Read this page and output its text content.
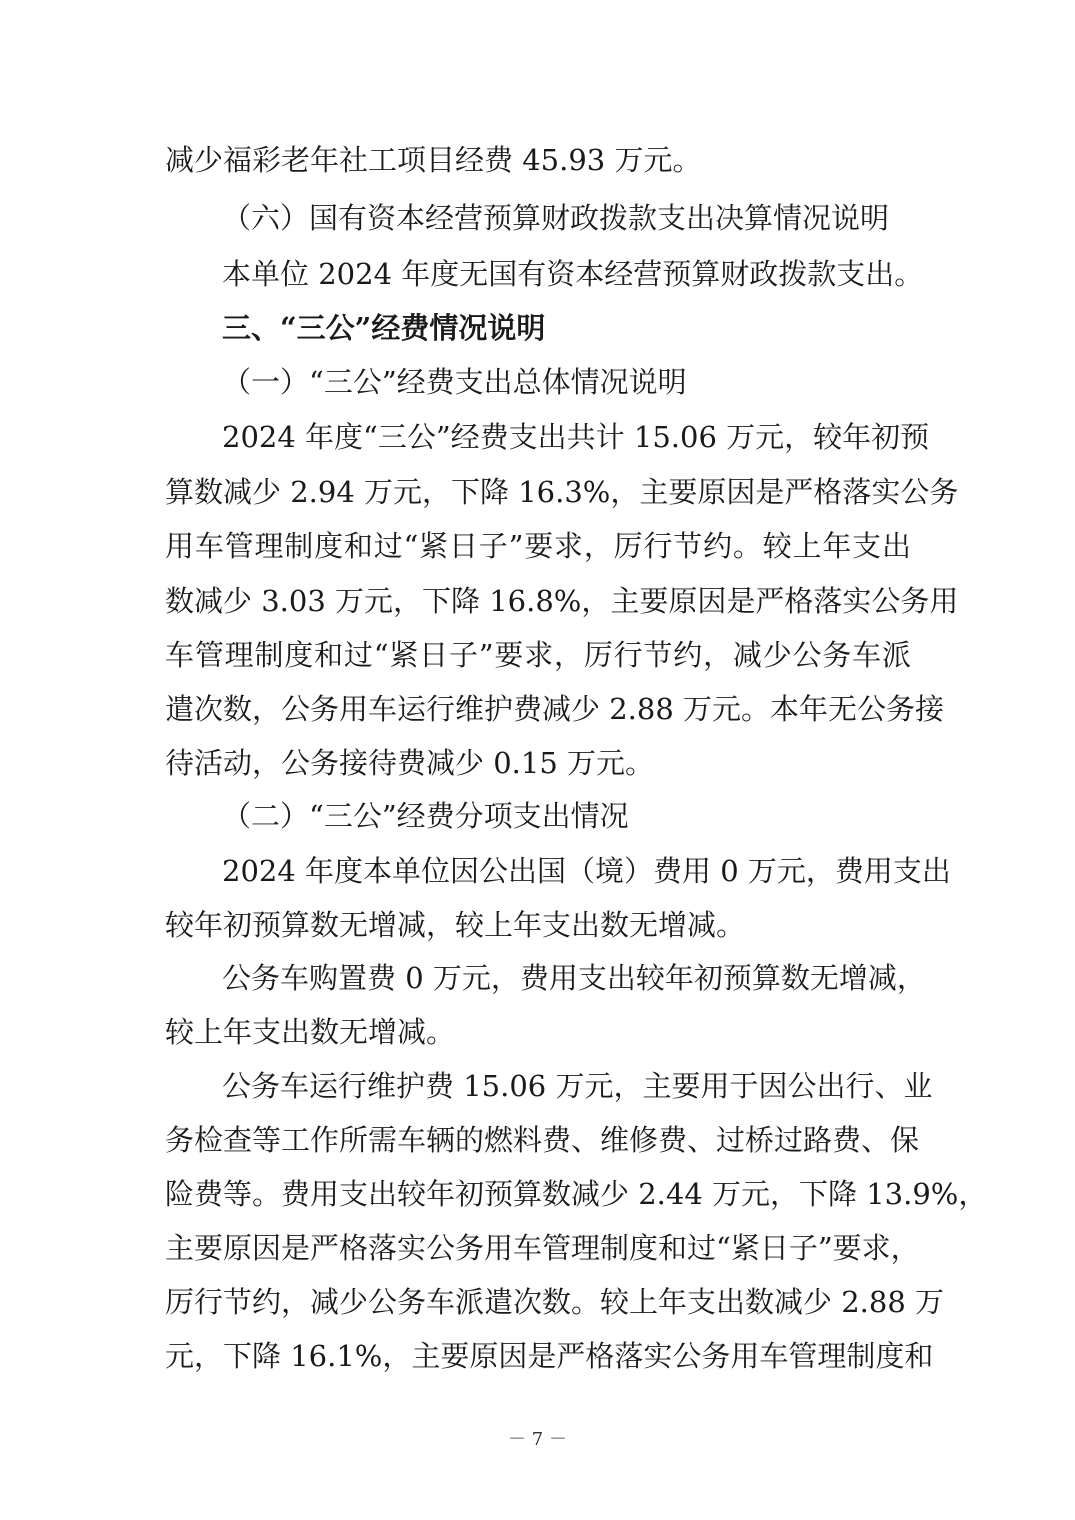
减少福彩老年社工项目经费 45.93 万元。
（六）国有资本经营预算财政拨款支出决算情况说明
本单位 2024 年度无国有资本经营预算财政拨款支出。
三、“三公”经费情况说明
（一）“三公”经费支出总体情况说明
2024 年度“三公”经费支出共计 15.06 万元，较年初预
算数减少 2.94 万元，下降 16.3%，主要原因是严格落实公务
用车管理制度和过“紧日子”要求，厉行节约。较上年支出
数减少 3.03 万元，下降 16.8%，主要原因是严格落实公务用
车管理制度和过“紧日子”要求，厉行节约，减少公务车派
遣次数，公务用车运行维护费减少 2.88 万元。本年无公务接
待活动，公务接待费减少 0.15 万元。
（二）“三公”经费分项支出情况
2024 年度本单位因公出国（境）费用 0 万元，费用支出
较年初预算数无增减，较上年支出数无增减。
公务车购置费 0 万元，费用支出较年初预算数无增减，
较上年支出数无增减。
公务车运行维护费 15.06 万元，主要用于因公出行、业
务检查等工作所需车辆的燃料费、维修费、过桥过路费、保
险费等。费用支出较年初预算数减少 2.44 万元，下降 13.9%，
主要原因是严格落实公务用车管理制度和过“紧日子”要求，
厉行节约，减少公务车派遣次数。较上年支出数减少 2.88 万
元，下降 16.1%，主要原因是严格落实公务用车管理制度和
－ 7 －
